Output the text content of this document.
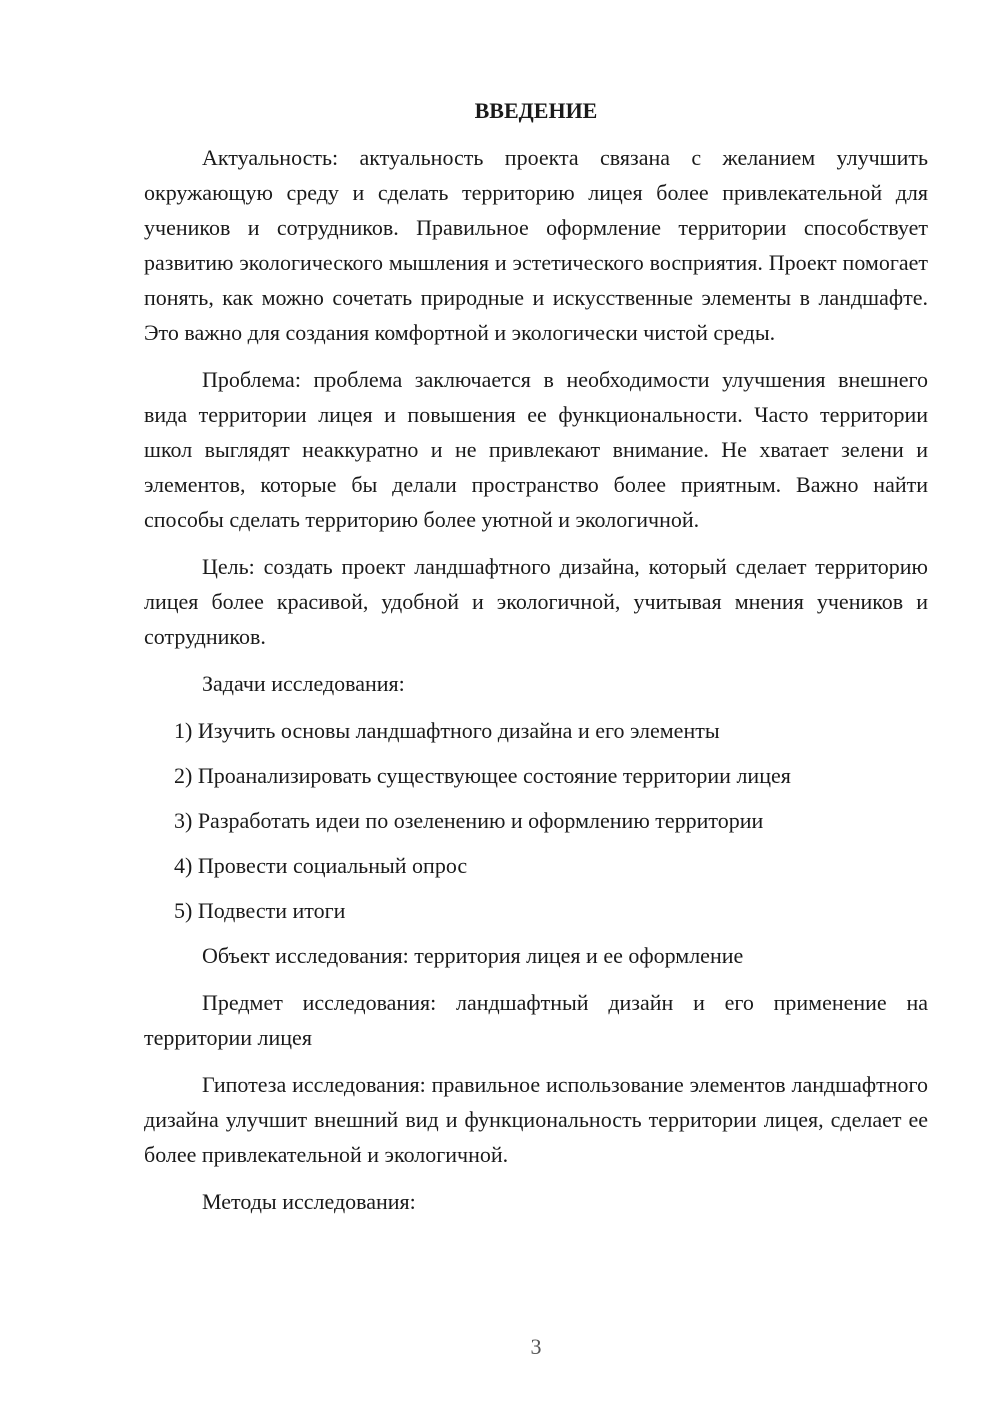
ВВЕДЕНИЕ

Актуальность: актуальность проекта связана с желанием улучшить окружающую среду и сделать территорию лицея более привлекательной для учеников и сотрудников. Правильное оформление территории способствует развитию экологического мышления и эстетического восприятия. Проект помогает понять, как можно сочетать природные и искусственные элементы в ландшафте. Это важно для создания комфортной и экологически чистой среды.

Проблема: проблема заключается в необходимости улучшения внешнего вида территории лицея и повышения ее функциональности. Часто территории школ выглядят неаккуратно и не привлекают внимание. Не хватает зелени и элементов, которые бы делали пространство более приятным. Важно найти способы сделать территорию более уютной и экологичной.

Цель: создать проект ландшафтного дизайна, который сделает территорию лицея более красивой, удобной и экологичной, учитывая мнения учеников и сотрудников.

Задачи исследования:

1) Изучить основы ландшафтного дизайна и его элементы
2) Проанализировать существующее состояние территории лицея
3) Разработать идеи по озеленению и оформлению территории
4) Провести социальный опрос
5) Подвести итоги

Объект исследования: территория лицея и ее оформление

Предмет исследования: ландшафтный дизайн и его применение на территории лицея

Гипотеза исследования: правильное использование элементов ландшафтного дизайна улучшит внешний вид и функциональность территории лицея, сделает ее более привлекательной и экологичной.

Методы исследования:

3
